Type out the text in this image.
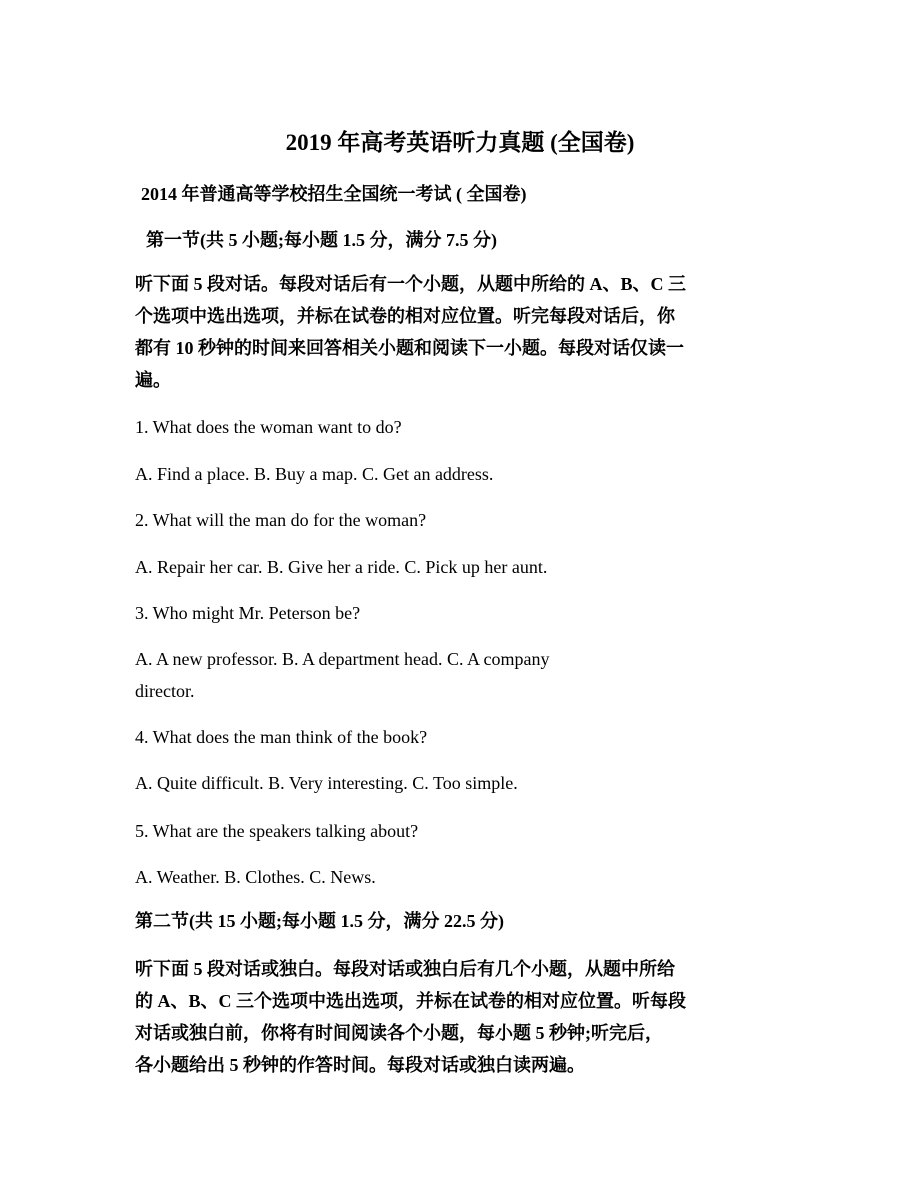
2019 年高考英语听力真题 (全国卷)
2014 年普通高等学校招生全国统一考试 ( 全国卷)
第一节(共 5 小题;每小题 1.5 分，满分 7.5 分)
听下面 5 段对话。每段对话后有一个小题，从题中所给的 A、B、C 三
个选项中选出选项，并标在试卷的相对应位置。听完每段对话后，你
都有 10 秒钟的时间来回答相关小题和阅读下一小题。每段对话仅读一
遍。
1. What does the woman want to do?
A. Find a place. B. Buy a map. C. Get an address.
2. What will the man do for the woman?
A. Repair her car. B. Give her a ride. C. Pick up her aunt.
3. Who might Mr. Peterson be?
A. A new professor. B. A department head. C. A company
director.
4. What does the man think of the book?
A. Quite difficult. B. Very interesting. C. Too simple.
5. What are the speakers talking about?
A. Weather. B. Clothes. C. News.
第二节(共 15 小题;每小题 1.5 分，满分 22.5 分)
听下面 5 段对话或独白。每段对话或独白后有几个小题，从题中所给
的 A、B、C 三个选项中选出选项，并标在试卷的相对应位置。听每段
对话或独白前，你将有时间阅读各个小题，每小题 5 秒钟;听完后，
各小题给出 5 秒钟的作答时间。每段对话或独白读两遍。
